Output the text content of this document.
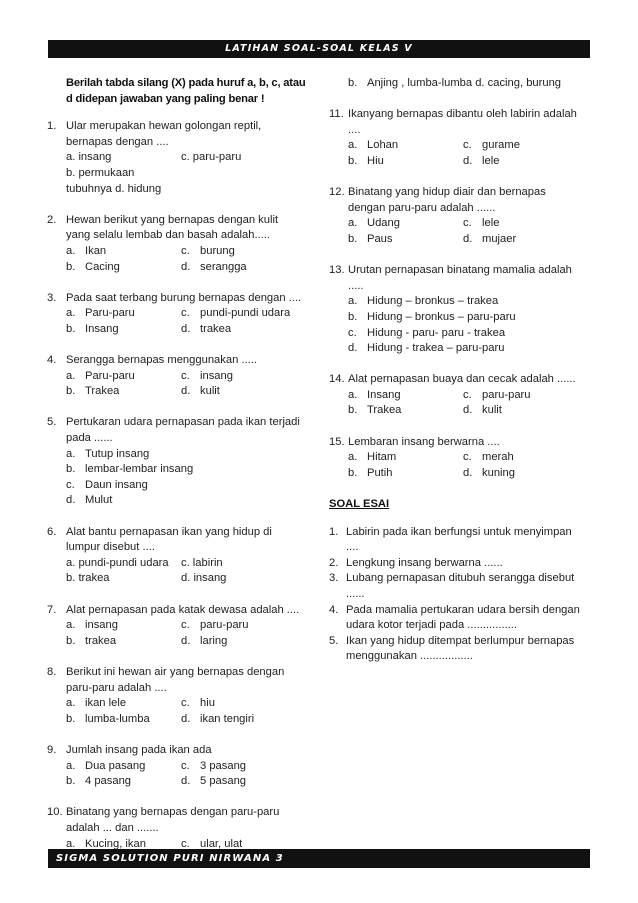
LATIHAN SOAL-SOAL KELAS V
Berilah tabda silang (X) pada huruf a, b, c, atau
d didepan jawaban yang paling benar !
1. Ular merupakan hewan golongan reptil,
bernapas dengan ....
a. insang	c. paru-paru
b. permukaan tubuhnya d. hidung
2. Hewan berikut yang bernapas dengan kulit
yang selalu lembab dan basah adalah.....
a. Ikan	c. burung
b. Cacing	d. serangga
3. Pada saat terbang burung bernapas dengan ....
a. Paru-paru	c. pundi-pundi udara
b. Insang	d. trakea
4. Serangga bernapas menggunakan .....
a. Paru-paru	c. insang
b. Trakea	d. kulit
5. Pertukaran udara pernapasan pada ikan terjadi
pada ......
a. Tutup insang
b. lembar-lembar insang
c. Daun insang
d. Mulut
6. Alat bantu pernapasan ikan yang hidup di
lumpur disebut ....
a. pundi-pundi udara	c. labirin
b. trakea	d. insang
7. Alat pernapasan pada katak dewasa adalah ....
a. insang	c. paru-paru
b. trakea	d. laring
8. Berikut ini hewan air yang bernapas dengan
paru-paru adalah ....
a. ikan lele	c. hiu
b. lumba-lumba	d. ikan tengiri
9. Jumlah insang pada ikan ada
a. Dua pasang	c. 3 pasang
b. 4 pasang	d. 5 pasang
10. Binatang yang bernapas dengan paru-paru
adalah ... dan .......
a. Kucing, ikan	c. ular, ulat
b. Anjing , lumba-lumba d. cacing, burung
11. Ikanyang bernapas dibantu oleh labirin adalah
....
a. Lohan	c. gurame
b. Hiu	d. lele
12. Binatang yang hidup diair dan bernapas
dengan paru-paru adalah ......
a. Udang	c. lele
b. Paus	d. mujaer
13. Urutan pernapasan binatang mamalia adalah
.....
a. Hidung – bronkus – trakea
b. Hidung – bronkus – paru-paru
c. Hidung - paru- paru - trakea
d. Hidung - trakea – paru-paru
14. Alat pernapasan buaya dan cecak adalah ......
a. Insang	c. paru-paru
b. Trakea	d. kulit
15. Lembaran insang berwarna ....
a. Hitam	c. merah
b. Putih	d. kuning
SOAL ESAI
1. Labirin pada ikan berfungsi untuk menyimpan
....
2. Lengkung insang berwarna ......
3. Lubang pernapasan ditubuh serangga disebut
......
4. Pada mamalia pertukaran udara bersih dengan
udara kotor terjadi pada ................
5. Ikan yang hidup ditempat berlumpur bernapas
menggunakan .................
SIGMA SOLUTION PURI NIRWANA 3
